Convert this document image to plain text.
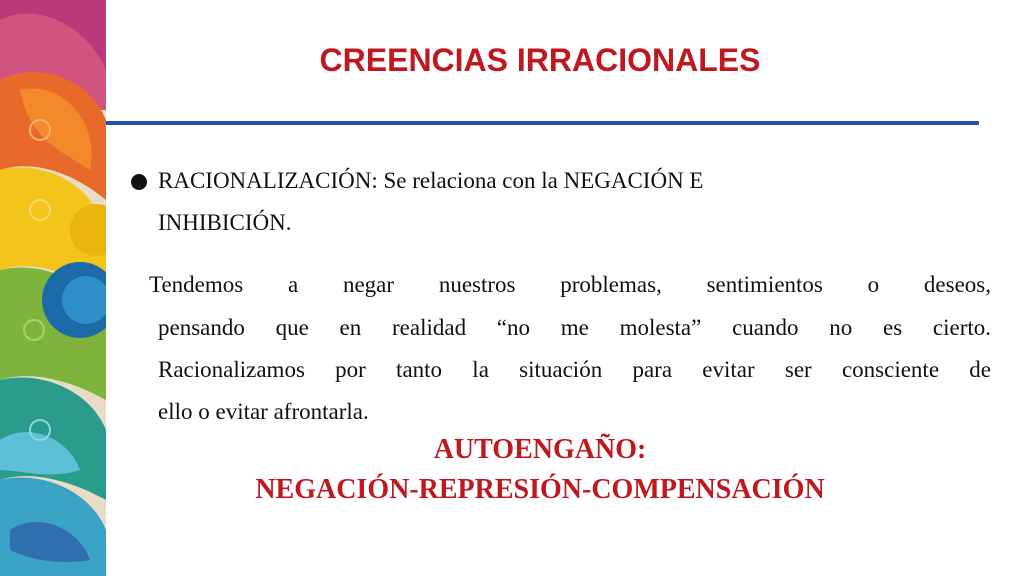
CREENCIAS IRRACIONALES
RACIONALIZACIÓN: Se relaciona con la NEGACIÓN E
INHIBICIÓN.
Tendemos a negar nuestros problemas, sentimientos o deseos,
pensando que en realidad “no me molesta” cuando no es cierto.
Racionalizamos por tanto la situación para evitar ser consciente de
ello o evitar afrontarla.
AUTOENGAÑO:
NEGACIÓN-REPRESIÓN-COMPENSACIÓN
